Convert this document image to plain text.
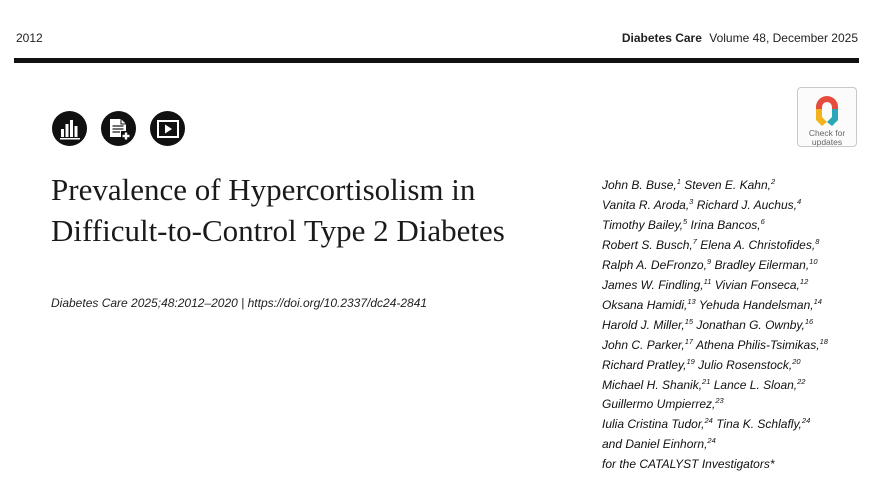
2012	Diabetes Care Volume 48, December 2025
Check for
updates
Prevalence of Hypercortisolism in Difficult-to-Control Type 2 Diabetes
Diabetes Care 2025;48:2012–2020 | https://doi.org/10.2337/dc24-2841
John B. Buse,$^1$ Steven E. Kahn,$^2$
Vanita R. Aroda,$^3$ Richard J. Auchus,$^4$
Timothy Bailey,$^5$ Irina Bancos,$^6$
Robert S. Busch,$^7$ Elena A. Christofides,$^8$
Ralph A. DeFronzo,$^9$ Bradley Eilerman,$^{10}$
James W. Findling,$^{11}$ Vivian Fonseca,$^{12}$
Oksana Hamidi,$^{13}$ Yehuda Handelsman,$^{14}$
Harold J. Miller,$^{15}$ Jonathan G. Ownby,$^{16}$
John C. Parker,$^{17}$ Athena Philis-Tsimikas,$^{18}$
Richard Pratley,$^{19}$ Julio Rosenstock,$^{20}$
Michael H. Shanik,$^{21}$ Lance L. Sloan,$^{22}$
Guillermo Umpierrez,$^{23}$
Iulia Cristina Tudor,$^{24}$ Tina K. Schlafly,$^{24}$
and Daniel Einhorn,$^{24}$
for the CATALYST Investigators*
